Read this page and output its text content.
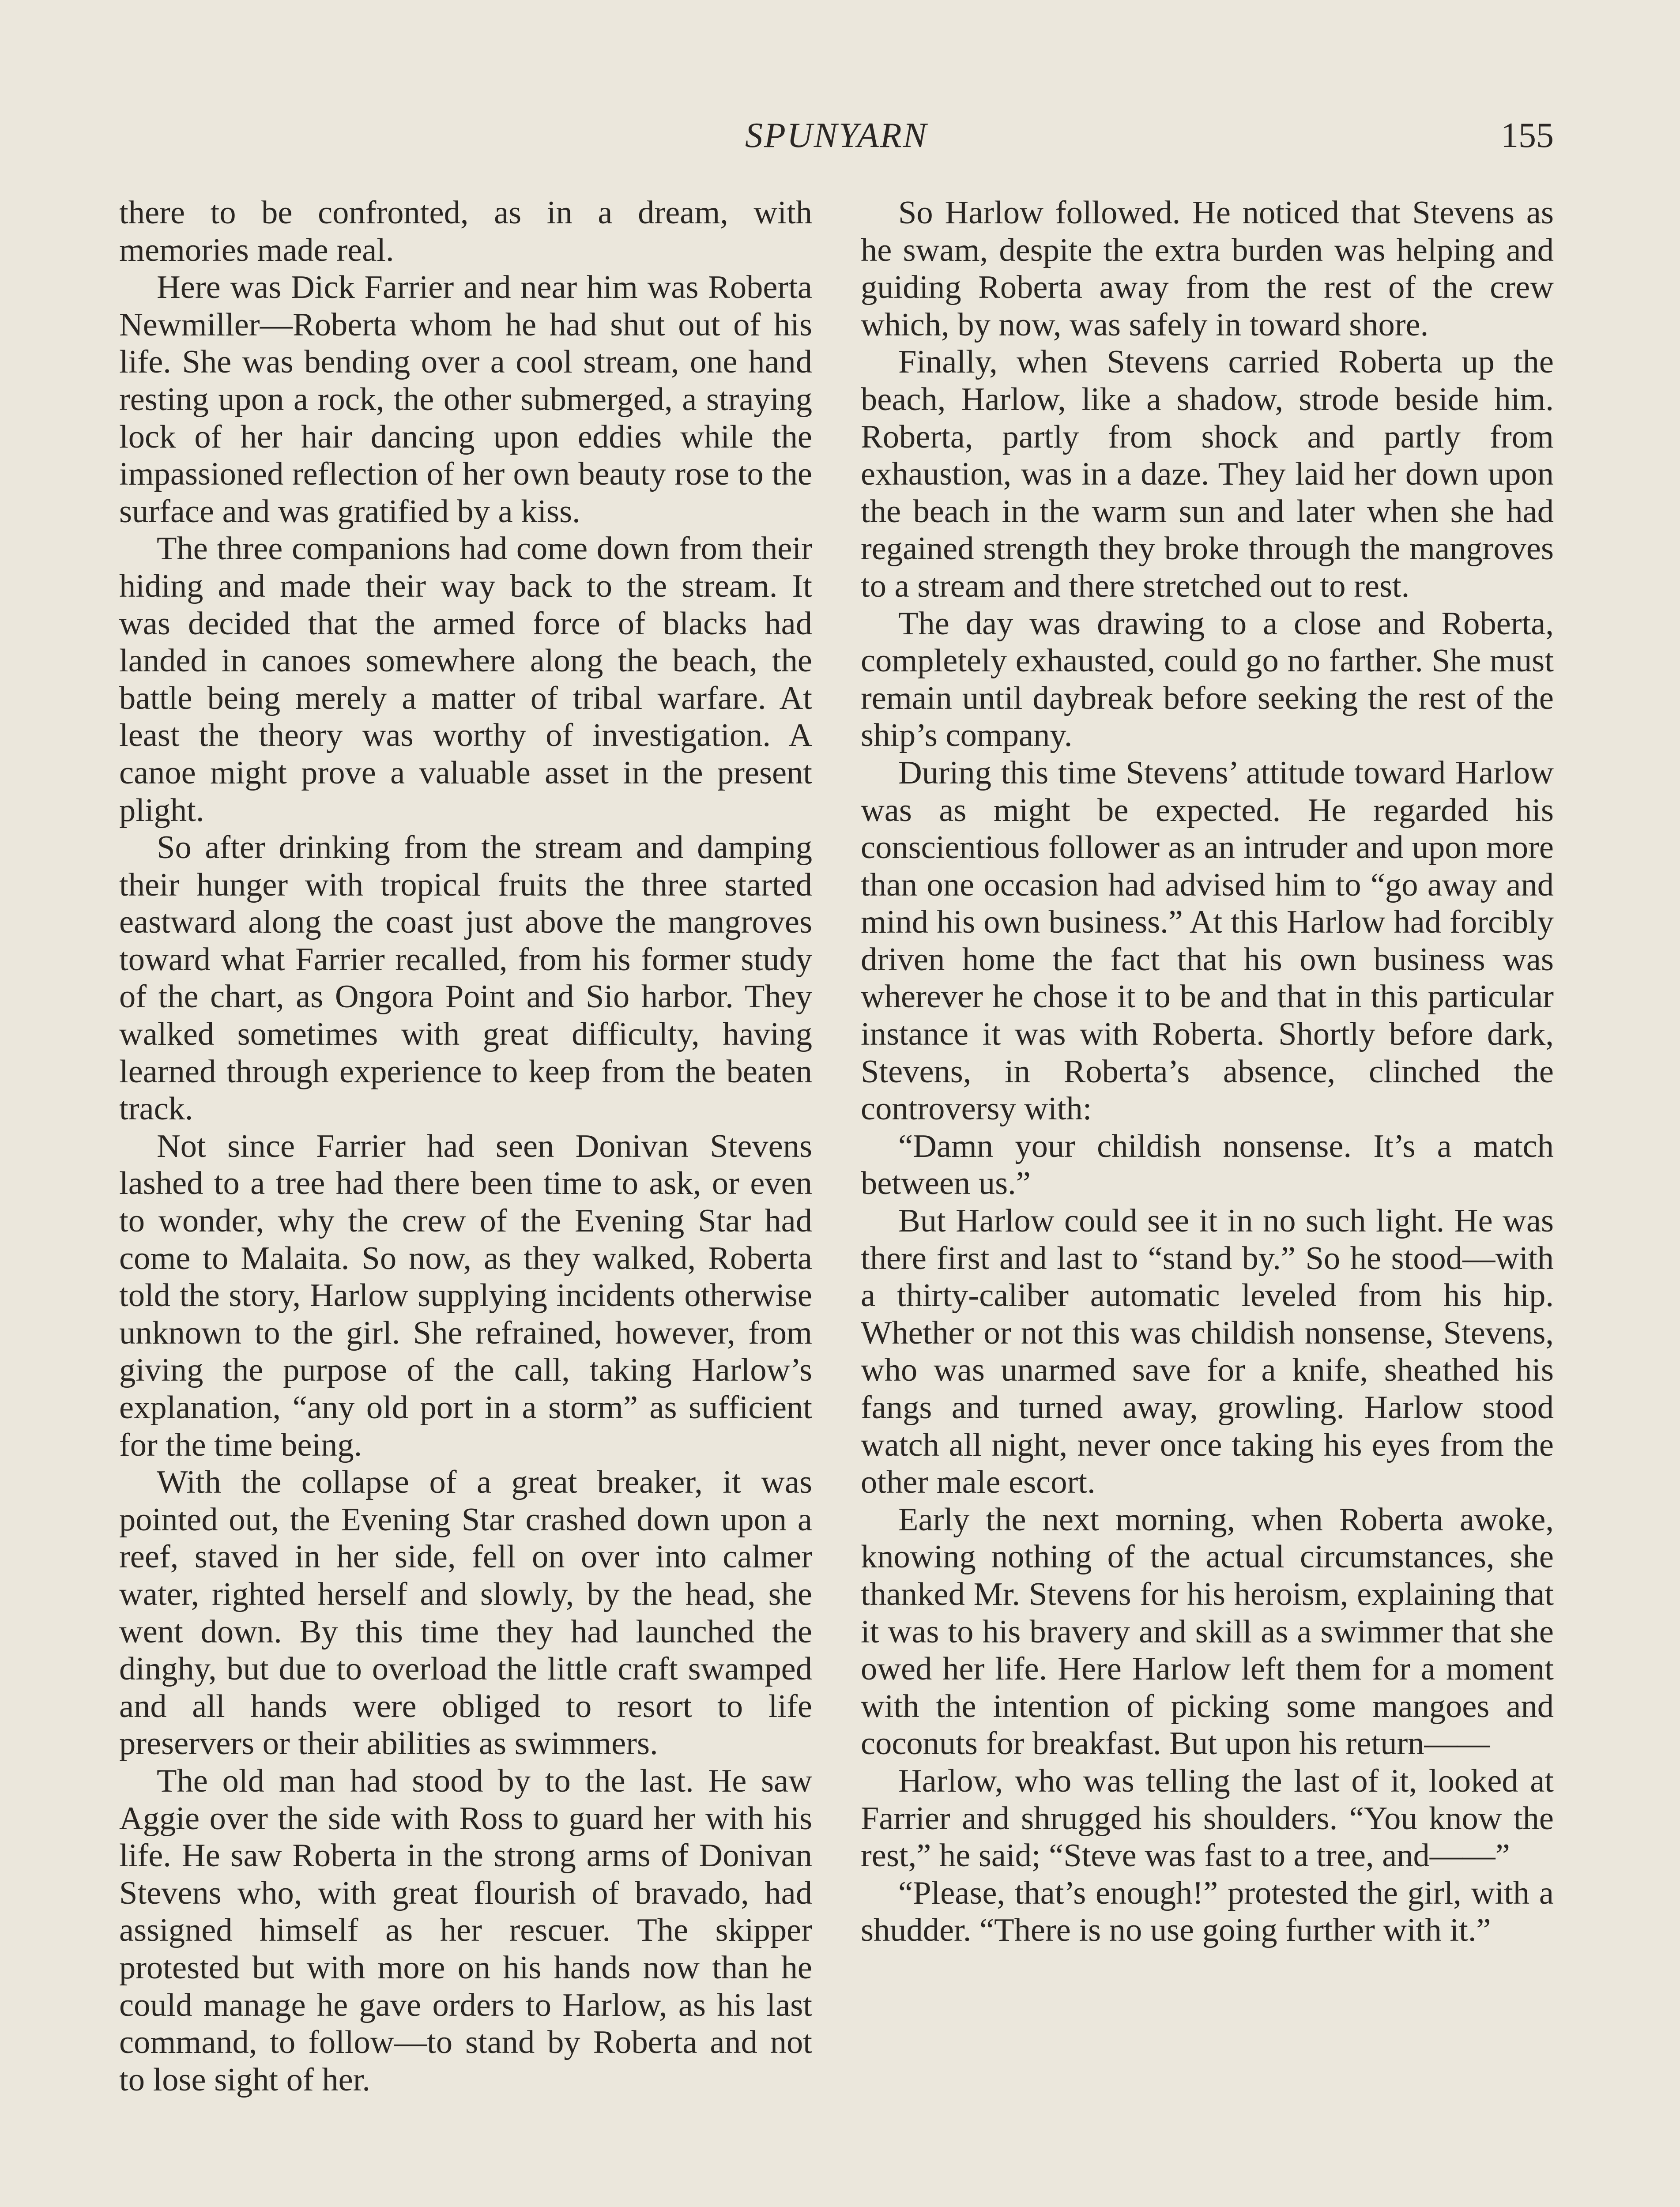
SPUNYARN	155

there to be confronted, as in a dream, with memories made real.

Here was Dick Farrier and near him was Roberta Newmiller—Roberta whom he had shut out of his life. She was bending over a cool stream, one hand resting upon a rock, the other submerged, a straying lock of her hair dancing upon eddies while the impassioned reflection of her own beauty rose to the surface and was gratified by a kiss.

The three companions had come down from their hiding and made their way back to the stream. It was decided that the armed force of blacks had landed in canoes somewhere along the beach, the battle being merely a matter of tribal warfare. At least the theory was worthy of investigation. A canoe might prove a valuable asset in the present plight.

So after drinking from the stream and damping their hunger with tropical fruits the three started eastward along the coast just above the mangroves toward what Farrier recalled, from his former study of the chart, as Ongora Point and Sio harbor. They walked sometimes with great difficulty, having learned through experience to keep from the beaten track.

Not since Farrier had seen Donivan Stevens lashed to a tree had there been time to ask, or even to wonder, why the crew of the Evening Star had come to Malaita. So now, as they walked, Roberta told the story, Harlow supplying incidents otherwise unknown to the girl. She refrained, however, from giving the purpose of the call, taking Harlow’s explanation, “any old port in a storm” as sufficient for the time being.

With the collapse of a great breaker, it was pointed out, the Evening Star crashed down upon a reef, staved in her side, fell on over into calmer water, righted herself and slowly, by the head, she went down. By this time they had launched the dinghy, but due to overload the little craft swamped and all hands were obliged to resort to life preservers or their abilities as swimmers.

The old man had stood by to the last. He saw Aggie over the side with Ross to guard her with his life. He saw Roberta in the strong arms of Donivan Stevens who, with great flourish of bravado, had assigned himself as her rescuer. The skipper protested but with more on his hands now than he could manage he gave orders to Harlow, as his last command, to follow—to stand by Roberta and not to lose sight of her.

So Harlow followed. He noticed that Stevens as he swam, despite the extra burden was helping and guiding Roberta away from the rest of the crew which, by now, was safely in toward shore.

Finally, when Stevens carried Roberta up the beach, Harlow, like a shadow, strode beside him. Roberta, partly from shock and partly from exhaustion, was in a daze. They laid her down upon the beach in the warm sun and later when she had regained strength they broke through the mangroves to a stream and there stretched out to rest.

The day was drawing to a close and Roberta, completely exhausted, could go no farther. She must remain until daybreak before seeking the rest of the ship’s company.

During this time Stevens’ attitude toward Harlow was as might be expected. He regarded his conscientious follower as an intruder and upon more than one occasion had advised him to “go away and mind his own business.” At this Harlow had forcibly driven home the fact that his own business was wherever he chose it to be and that in this particular instance it was with Roberta. Shortly before dark, Stevens, in Roberta’s absence, clinched the controversy with:

“Damn your childish nonsense. It’s a match between us.”

But Harlow could see it in no such light. He was there first and last to “stand by.” So he stood—with a thirty-caliber automatic leveled from his hip. Whether or not this was childish nonsense, Stevens, who was unarmed save for a knife, sheathed his fangs and turned away, growling. Harlow stood watch all night, never once taking his eyes from the other male escort.

Early the next morning, when Roberta awoke, knowing nothing of the actual circumstances, she thanked Mr. Stevens for his heroism, explaining that it was to his bravery and skill as a swimmer that she owed her life. Here Harlow left them for a moment with the intention of picking some mangoes and coconuts for breakfast. But upon his return——

Harlow, who was telling the last of it, looked at Farrier and shrugged his shoulders. “You know the rest,” he said; “Steve was fast to a tree, and——”

“Please, that’s enough!” protested the girl, with a shudder. “There is no use going further with it.”
